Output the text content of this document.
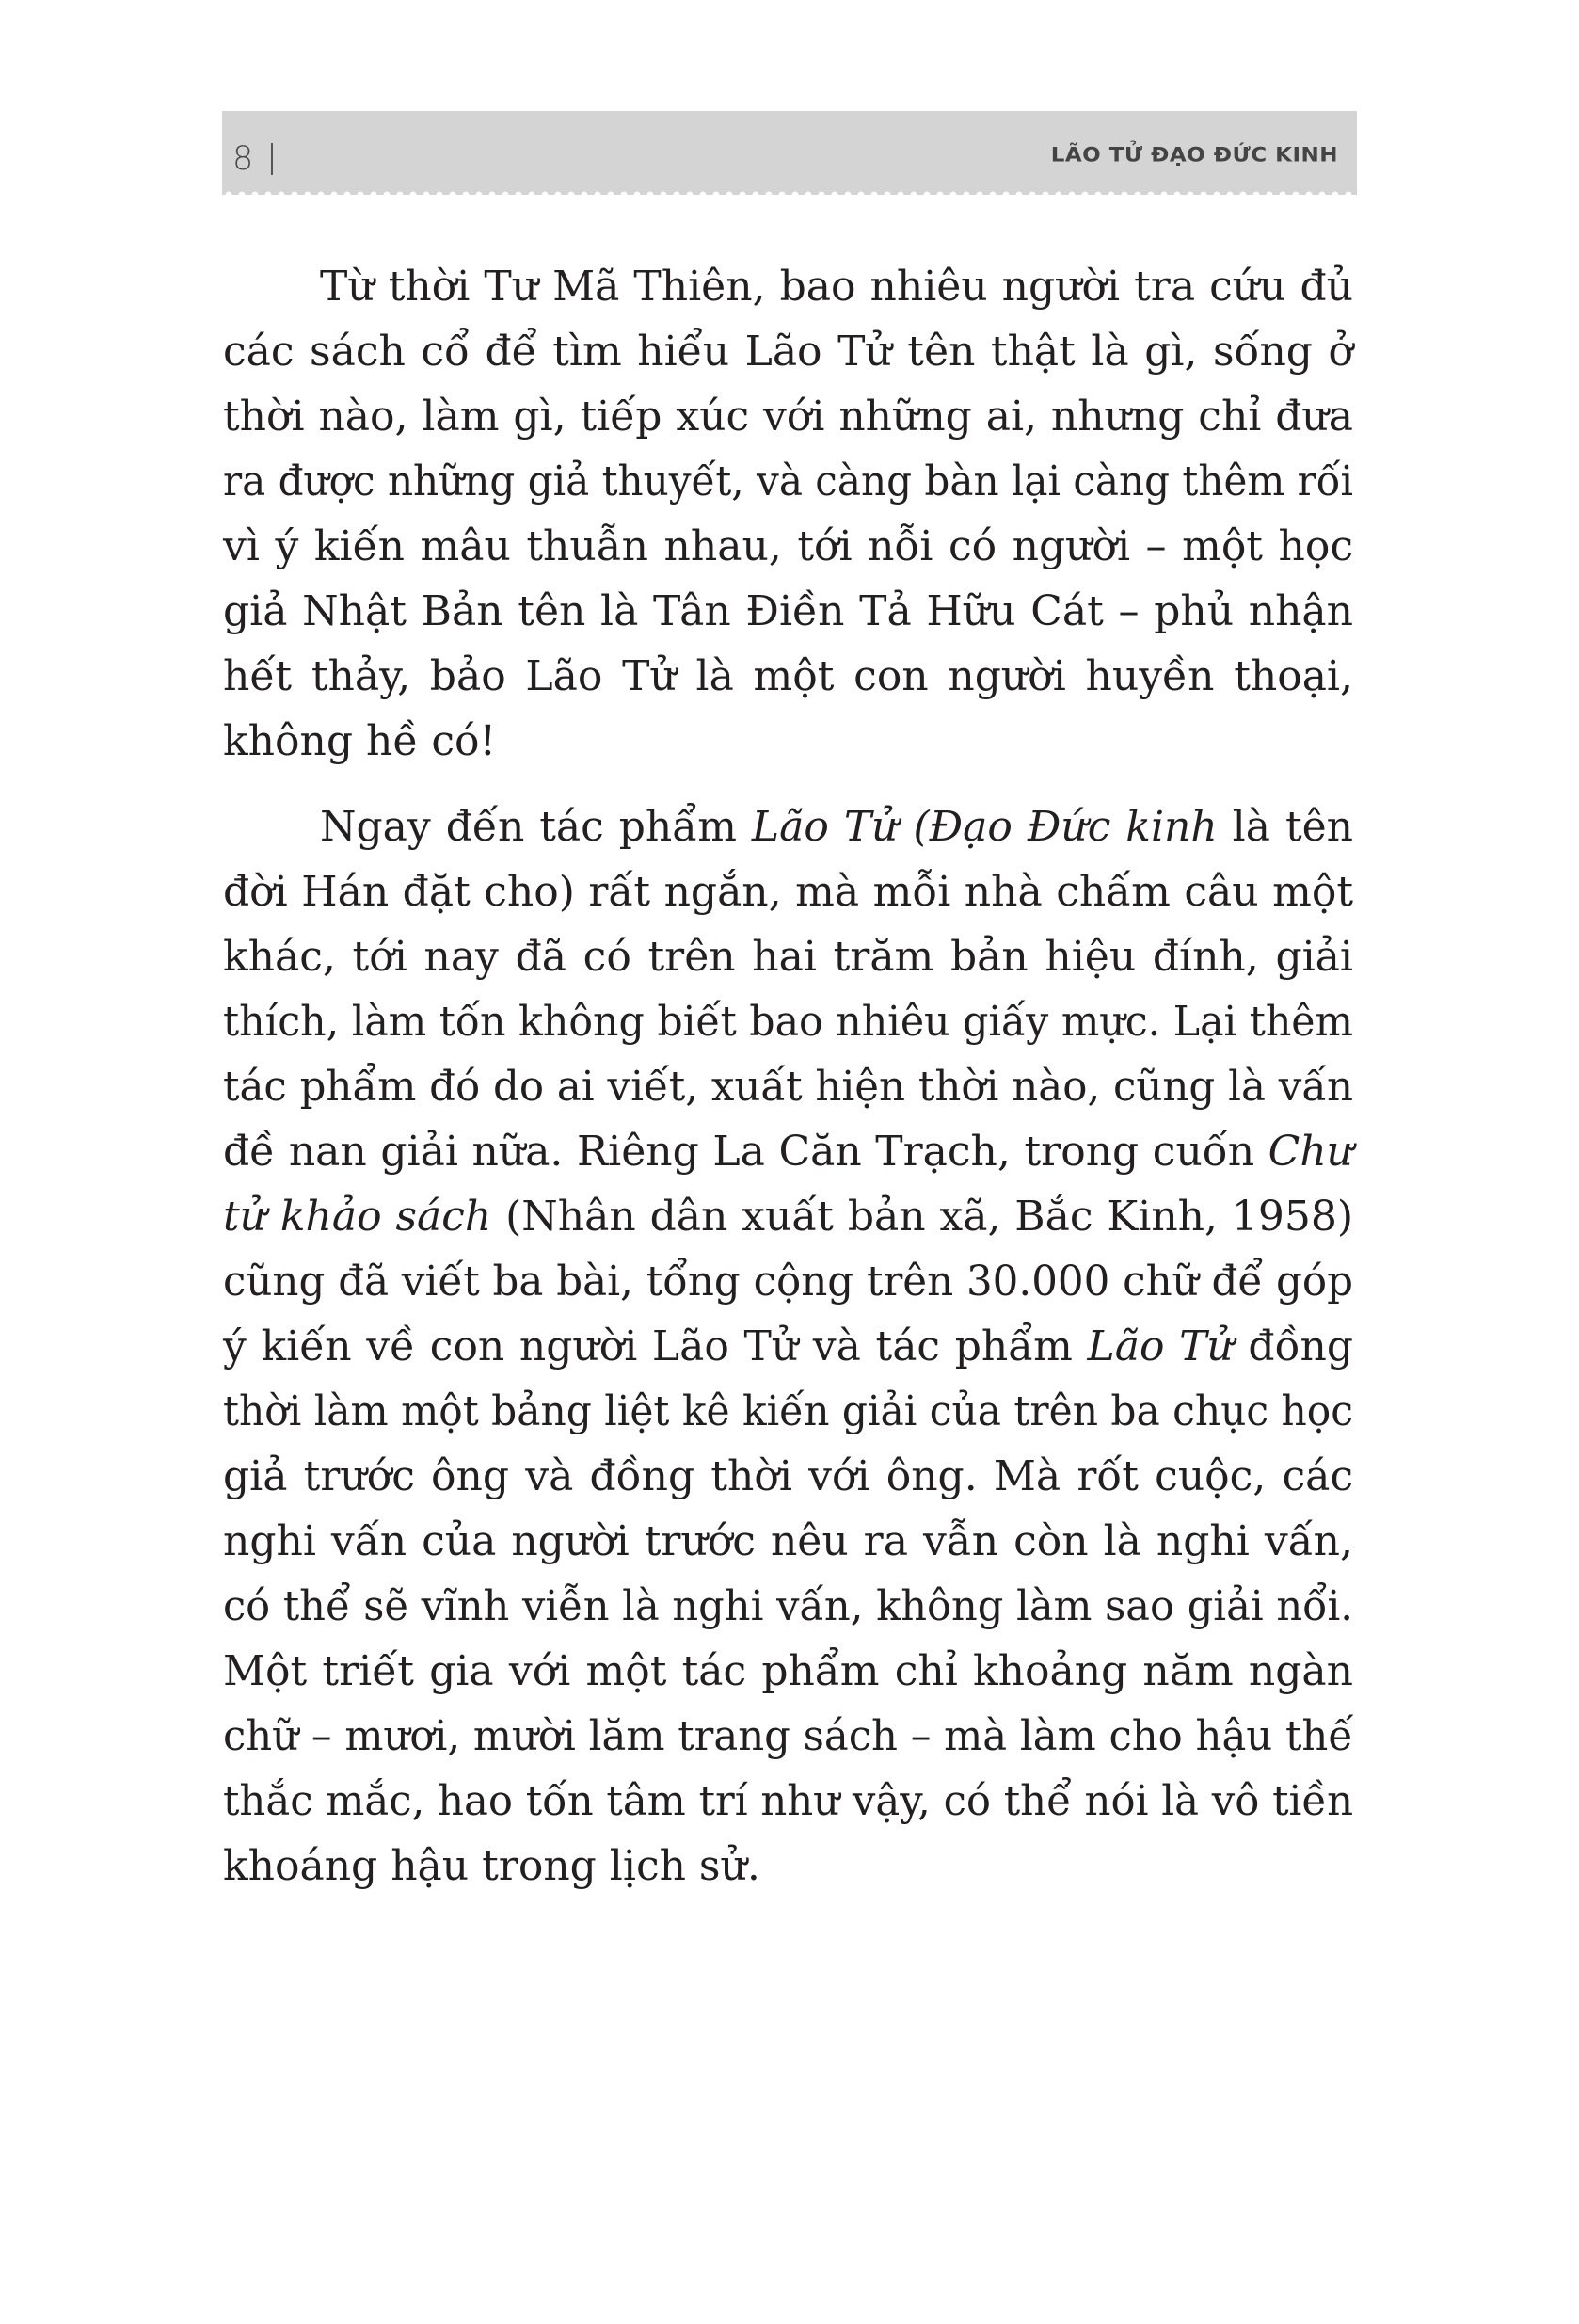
8	LÃO TỬ ĐẠO ĐỨC KINH
Từ thời Tư Mã Thiên, bao nhiêu người tra cứu đủ
các sách cổ để tìm hiểu Lão Tử tên thật là gì, sống ở
thời nào, làm gì, tiếp xúc với những ai, nhưng chỉ đưa
ra được những giả thuyết, và càng bàn lại càng thêm rối
vì ý kiến mâu thuẫn nhau, tới nỗi có người – một học
giả Nhật Bản tên là Tân Điền Tả Hữu Cát – phủ nhận
hết thảy, bảo Lão Tử là một con người huyền thoại,
không hề có!
Ngay đến tác phẩm Lão Tử (Đạo Đức kinh là tên
đời Hán đặt cho) rất ngắn, mà mỗi nhà chấm câu một
khác, tới nay đã có trên hai trăm bản hiệu đính, giải
thích, làm tốn không biết bao nhiêu giấy mực. Lại thêm
tác phẩm đó do ai viết, xuất hiện thời nào, cũng là vấn
đề nan giải nữa. Riêng La Căn Trạch, trong cuốn Chư
tử khảo sách (Nhân dân xuất bản xã, Bắc Kinh, 1958)
cũng đã viết ba bài, tổng cộng trên 30.000 chữ để góp
ý kiến về con người Lão Tử và tác phẩm Lão Tử đồng
thời làm một bảng liệt kê kiến giải của trên ba chục học
giả trước ông và đồng thời với ông. Mà rốt cuộc, các
nghi vấn của người trước nêu ra vẫn còn là nghi vấn,
có thể sẽ vĩnh viễn là nghi vấn, không làm sao giải nổi.
Một triết gia với một tác phẩm chỉ khoảng năm ngàn
chữ – mươi, mười lăm trang sách – mà làm cho hậu thế
thắc mắc, hao tốn tâm trí như vậy, có thể nói là vô tiền
khoáng hậu trong lịch sử.
